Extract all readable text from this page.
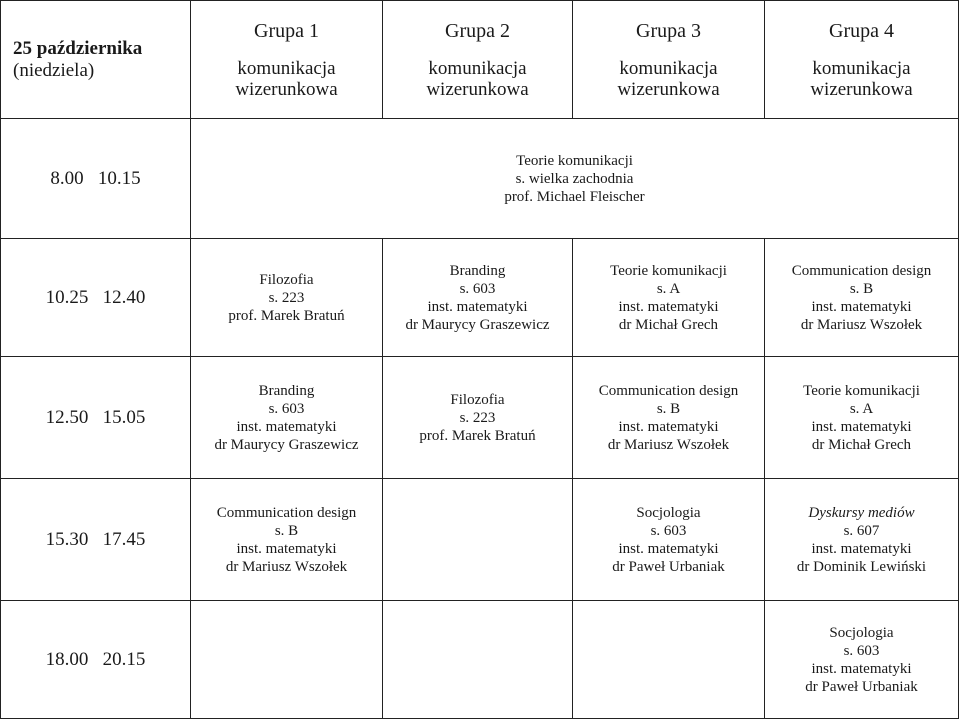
25 października
(niedziela)	Grupa 1
komunikacja
wizerunkowa	Grupa 2
komunikacja
wizerunkowa	Grupa 3
komunikacja
wizerunkowa	Grupa 4
komunikacja
wizerunkowa

8.00   10.15	Teorie komunikacji
s. wielka zachodnia
prof. Michael Fleischer			

10.25   12.40	Filozofia
s. 223
prof. Marek Bratuń	Branding
s. 603
inst. matematyki
dr Maurycy Graszewicz	Teorie komunikacji
s. A
inst. matematyki
dr Michał Grech	Communication design
s. B
inst. matematyki
dr Mariusz Wszołek

12.50   15.05	Branding
s. 603
inst. matematyki
dr Maurycy Graszewicz	Filozofia
s. 223
prof. Marek Bratuń	Communication design
s. B
inst. matematyki
dr Mariusz Wszołek	Teorie komunikacji
s. A
inst. matematyki
dr Michał Grech

15.30   17.45	Communication design
s. B
inst. matematyki
dr Mariusz Wszołek		Socjologia
s. 603
inst. matematyki
dr Paweł Urbaniak	Dyskursy mediów
s. 607
inst. matematyki
dr Dominik Lewiński

18.00   20.15				Socjologia
s. 603
inst. matematyki
dr Paweł Urbaniak
